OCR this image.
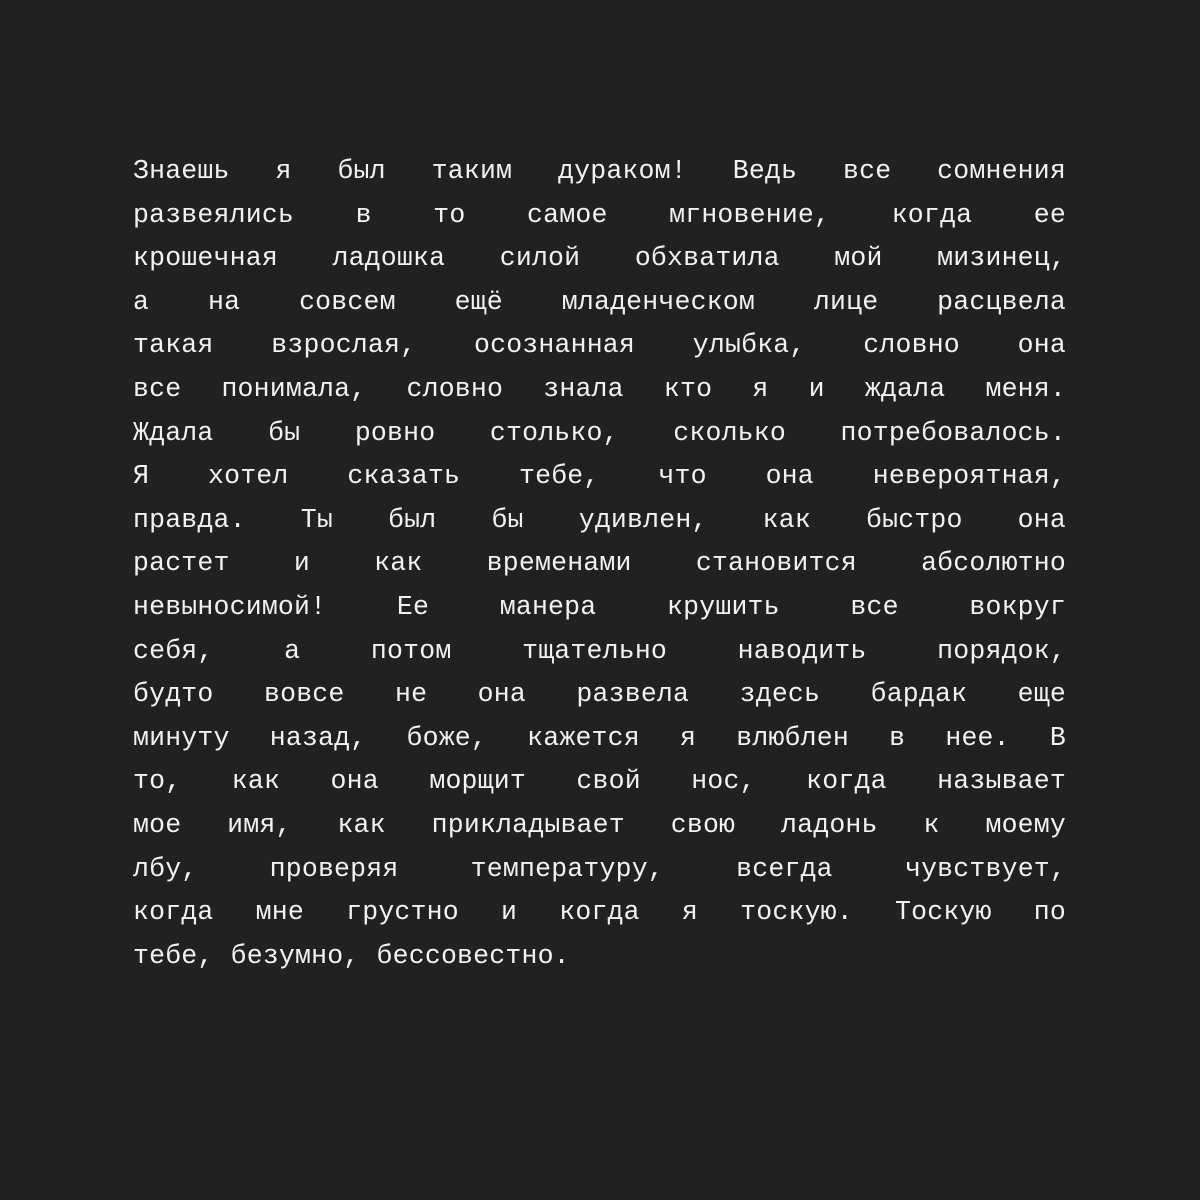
Знаешь я был таким дураком! Ведь все сомнения
развеялись в то самое мгновение, когда ее
крошечная ладошка силой обхватила мой мизинец,
а на совсем ещё младенческом лице расцвела
такая взрослая, осознанная улыбка, словно она
все понимала, словно знала кто я и ждала меня.
Ждала бы ровно столько, сколько потребовалось.
Я хотел сказать тебе, что она невероятная,
правда. Ты был бы удивлен, как быстро она
растет и как временами становится абсолютно
невыносимой! Ее манера крушить все вокруг
себя, а потом тщательно наводить порядок,
будто вовсе не она развела здесь бардак еще
минуту назад, боже, кажется я влюблен в нее. В
то, как она морщит свой нос, когда называет
мое имя, как прикладывает свою ладонь к моему
лбу, проверяя температуру, всегда чувствует,
когда мне грустно и когда я тоскую. Тоскую по
тебе, безумно, бессовестно.
